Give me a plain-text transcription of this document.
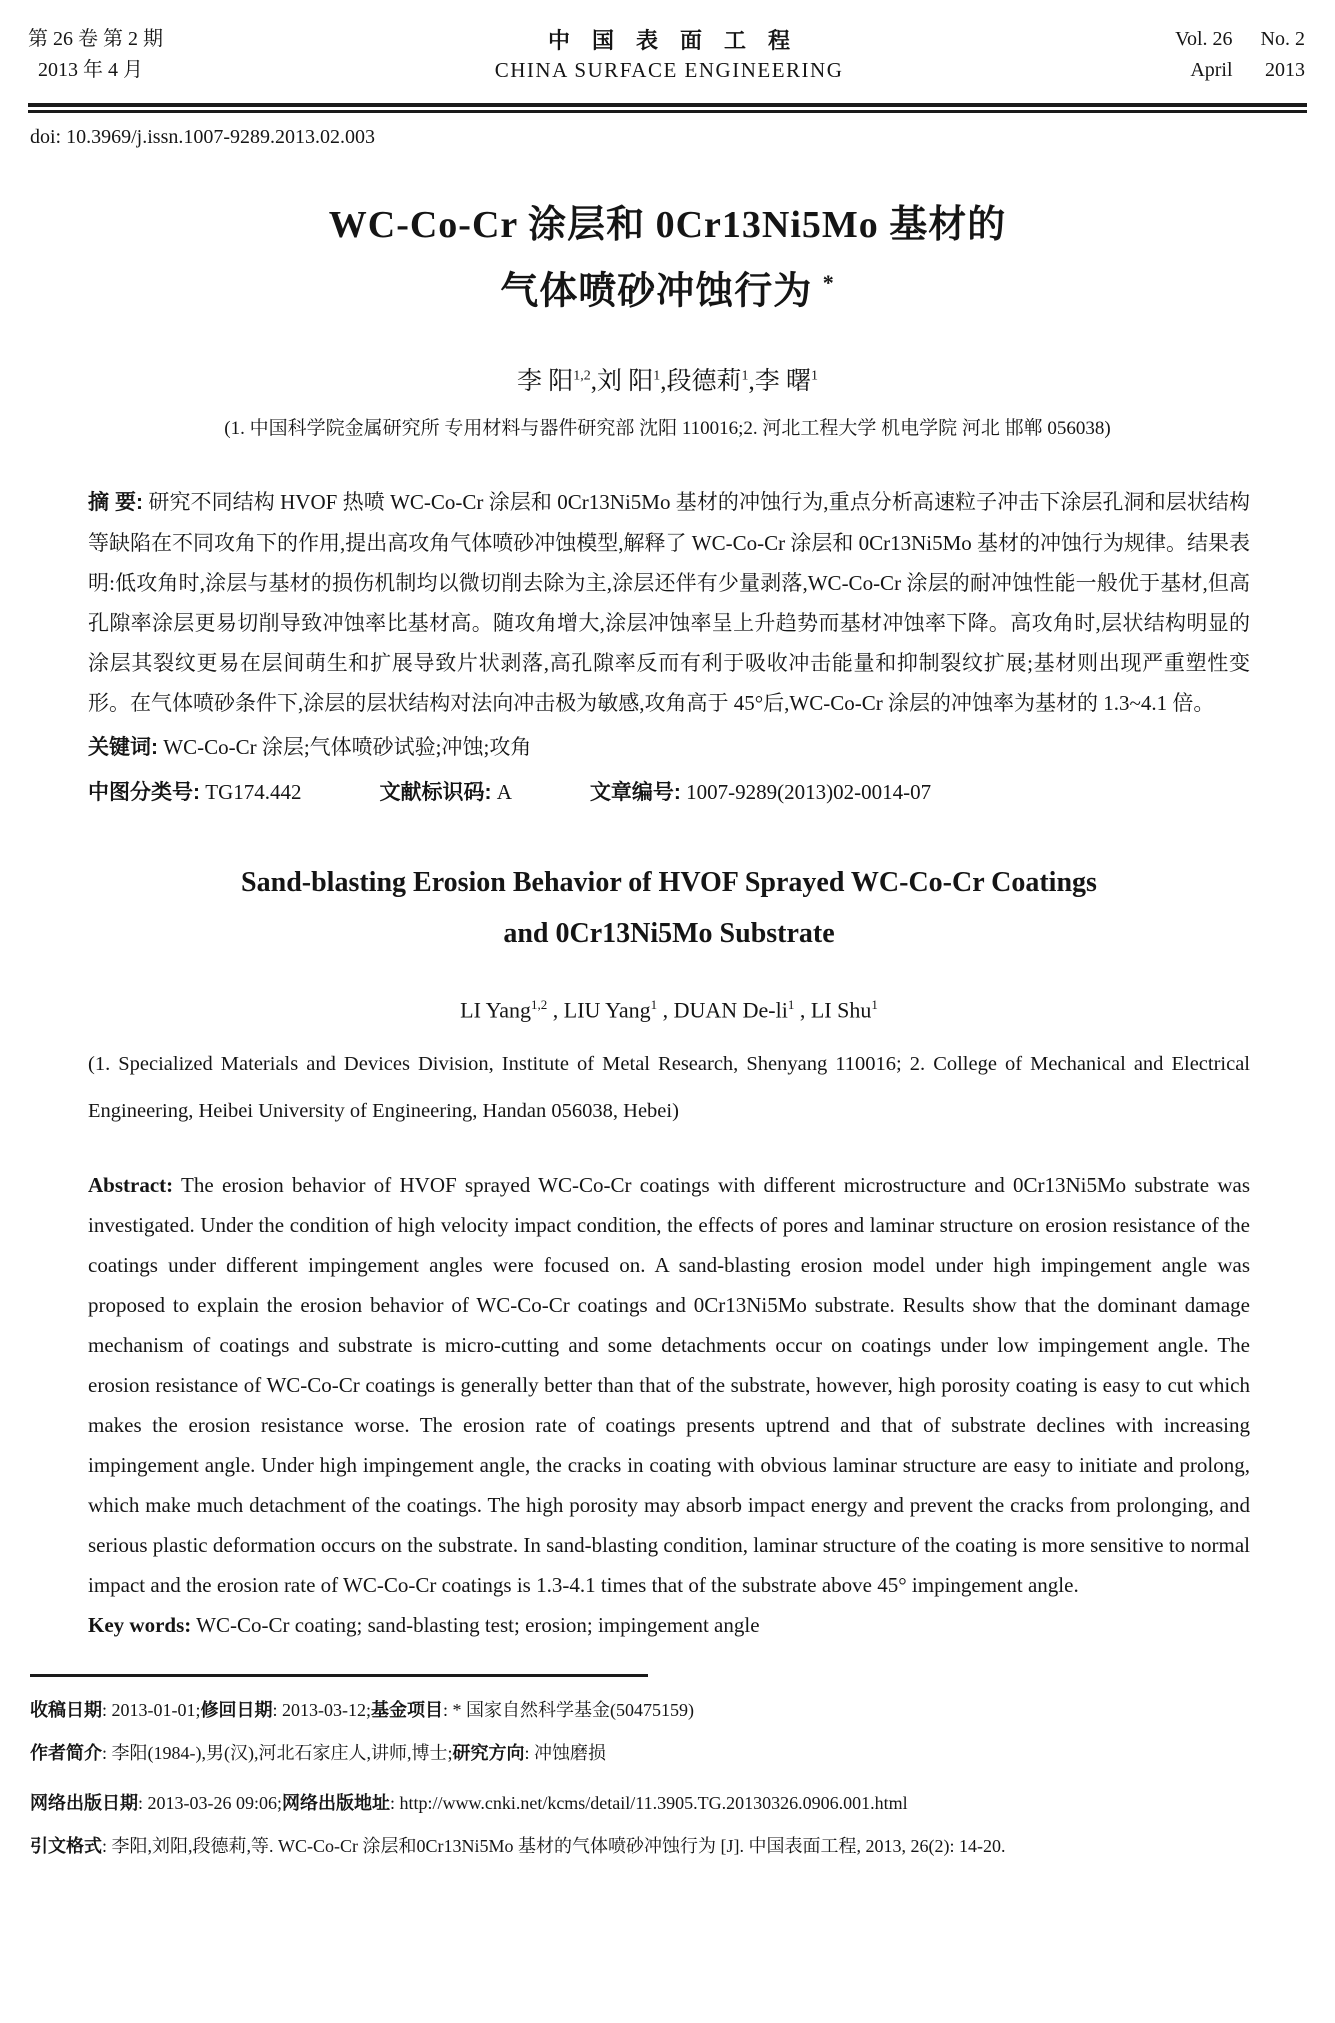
第 26 卷 第 2 期
2013 年 4 月
中国表面工程
CHINA SURFACE ENGINEERING
Vol. 26 No. 2
April 2013
doi: 10.3969/j.issn.1007-9289.2013.02.003
WC-Co-Cr 涂层和 0Cr13Ni5Mo 基材的
气体喷砂冲蚀行为 *
李 阳$^{1,2}$,刘 阳$^1$,段德莉$^1$,李 曙$^1$
(1. 中国科学院金属研究所 专用材料与器件研究部 沈阳 110016;2. 河北工程大学 机电学院 河北 邯郸 056038)

摘 要: 研究不同结构 HVOF 热喷 WC-Co-Cr 涂层和 0Cr13Ni5Mo 基材的冲蚀行为,重点分析高速粒子冲击下涂层孔洞和层状结构等缺陷在不同攻角下的作用,提出高攻角气体喷砂冲蚀模型,解释了 WC-Co-Cr 涂层和 0Cr13Ni5Mo 基材的冲蚀行为规律。结果表明:低攻角时,涂层与基材的损伤机制均以微切削去除为主,涂层还伴有少量剥落,WC-Co-Cr 涂层的耐冲蚀性能一般优于基材,但高孔隙率涂层更易切削导致冲蚀率比基材高。随攻角增大,涂层冲蚀率呈上升趋势而基材冲蚀率下降。高攻角时,层状结构明显的涂层其裂纹更易在层间萌生和扩展导致片状剥落,高孔隙率反而有利于吸收冲击能量和抑制裂纹扩展;基材则出现严重塑性变形。在气体喷砂条件下,涂层的层状结构对法向冲击极为敏感,攻角高于 45°后,WC-Co-Cr 涂层的冲蚀率为基材的 1.3~4.1 倍。

关键词: WC-Co-Cr 涂层;气体喷砂试验;冲蚀;攻角

中图分类号: TG174.442	文献标识码: A	文章编号: 1007-9289(2013)02-0014-07
Sand-blasting Erosion Behavior of HVOF Sprayed WC-Co-Cr Coatings
and 0Cr13Ni5Mo Substrate
LI Yang$^{1,2}$ , LIU Yang$^1$ , DUAN $De-li^1$ , LI Shu$^1$

(1. Specialized Materials and Devices Division, Institute of Metal Research, Shenyang 110016; 2. College of Mechanical and Electrical Engineering, Heibei University of Engineering, Handan 056038, Hebei)

Abstract: The erosion behavior of HVOF sprayed WC-Co-Cr coatings with different microstructure and 0Cr13Ni5Mo substrate was investigated. Under the condition of high velocity impact condition, the effects of pores and laminar structure on erosion resistance of the coatings under different impingement angles were focused on. A sand-blasting erosion model under high impingement angle was proposed to explain the erosion behavior of WC-Co-Cr coatings and 0Cr13Ni5Mo substrate. Results show that the dominant damage mechanism of coatings and substrate is micro-cutting and some detachments occur on coatings under low impingement angle. The erosion resistance of WC-Co-Cr coatings is generally better than that of the substrate, however, high porosity coating is easy to cut which makes the erosion resistance worse. The erosion rate of coatings presents uptrend and that of substrate declines with increasing impingement angle. Under high impingement angle, the cracks in coating with obvious laminar structure are easy to initiate and prolong, which make much detachment of the coatings. The high porosity may absorb impact energy and prevent the cracks from prolonging, and serious plastic deformation occurs on the substrate. In sand-blasting condition, laminar structure of the coating is more sensitive to normal impact and the erosion rate of WC-Co-Cr coatings is 1.3-4.1 times that of the substrate above 45° impingement angle.

Key words: WC-Co-Cr coating; sand-blasting test; erosion; impingement angle

收稿日期: 2013-01-01;修回日期: 2013-03-12;基金项目: * 国家自然科学基金(50475159)
作者简介: 李阳(1984-),男(汉),河北石家庄人,讲师,博士;研究方向: 冲蚀磨损
网络出版日期: 2013-03-26 09:06;网络出版地址: http://www.cnki.net/kcms/detail/11.3905.TG.20130326.0906.001.html
引文格式: 李阳,刘阳,段德莉,等. WC-Co-Cr 涂层和0Cr13Ni5Mo 基材的气体喷砂冲蚀行为 [J]. 中国表面工程, 2013, 26(2): 14-20.
